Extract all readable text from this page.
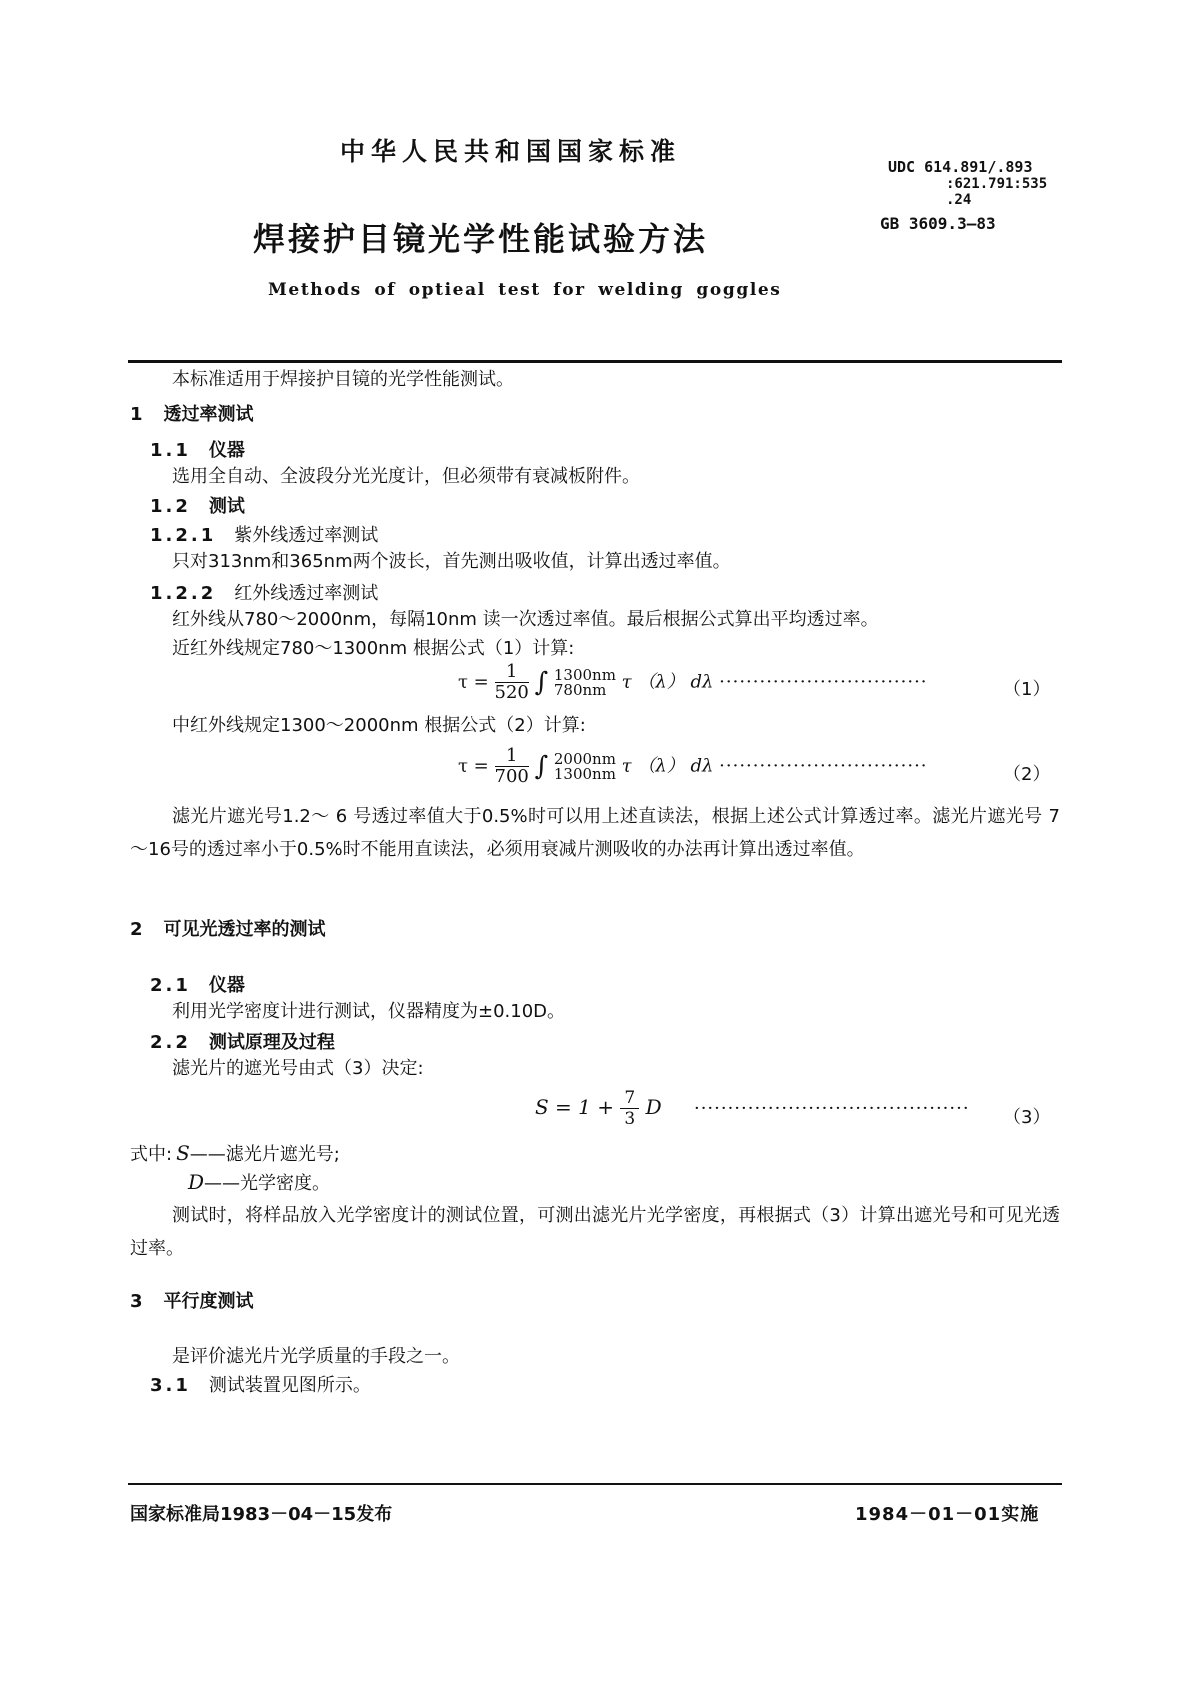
中华人民共和国国家标准
焊接护目镜光学性能试验方法
Methods of optieal test for welding goggles
UDC 614.891/.893
:621.791:535
.24
GB 3609.3—83
本标准适用于焊接护目镜的光学性能测试。
1 透过率测试
1.1 仪器
选用全自动、全波段分光光度计，但必须带有衰减板附件。
1.2 测试
1.2.1 紫外线透过率测试
只对313nm和365nm两个波长，首先测出吸收值，计算出透过率值。
1.2.2 红外线透过率测试
红外线从780～2000nm，每隔10nm 读一次透过率值。最后根据公式算出平均透过率。
近红外线规定780～1300nm 根据公式（1）计算:
$\tau = \frac{1}{520}$ ∫ 1300nm
780nm τ （λ） dλ ·······························	（1）
中红外线规定1300～2000nm 根据公式（2）计算:
$\tau = \frac{1}{700}$ ∫ 2000nm
1300nm τ （λ） dλ ·······························	（2）
滤光片遮光号1.2～ 6 号透过率值大于0.5%时可以用上述直读法，根据上述公式计算透过率。滤光片遮光号 7 ～16号的透过率小于0.5%时不能用直读法，必须用衰减片测吸收的办法再计算出透过率值。
2 可见光透过率的测试
2.1 仪器
利用光学密度计进行测试，仪器精度为±0.10D。
2.2 测试原理及过程
滤光片的遮光号由式（3）决定:
$S = 1 + \frac{7}{3}$ D ········································· （3）
式中: S——滤光片遮光号;
D——光学密度。
测试时，将样品放入光学密度计的测试位置，可测出滤光片光学密度，再根据式（3）计算出遮光号和可见光透过率。
3 平行度测试
是评价滤光片光学质量的手段之一。
3.1 测试装置见图所示。
国家标准局1983－04－15发布	1984－01－01实施
